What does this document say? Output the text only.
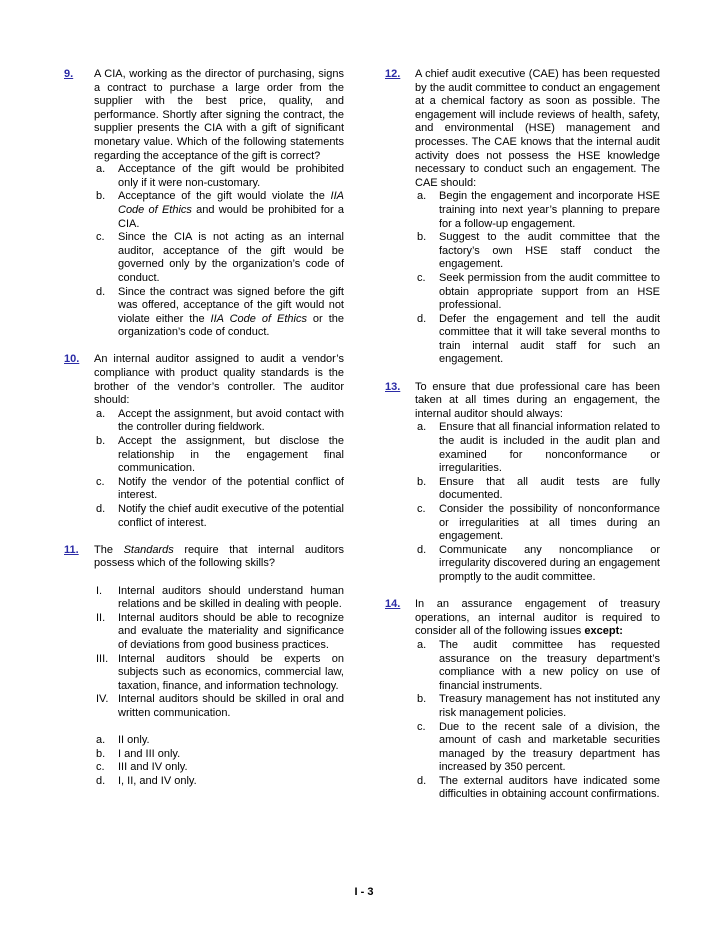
9. A CIA, working as the director of purchasing, signs a contract to purchase a large order from the supplier with the best price, quality, and performance. Shortly after signing the contract, the supplier presents the CIA with a gift of significant monetary value. Which of the following statements regarding the acceptance of the gift is correct?
a. Acceptance of the gift would be prohibited only if it were non-customary.
b. Acceptance of the gift would violate the IIA Code of Ethics and would be prohibited for a CIA.
c. Since the CIA is not acting as an internal auditor, acceptance of the gift would be governed only by the organization’s code of conduct.
d. Since the contract was signed before the gift was offered, acceptance of the gift would not violate either the IIA Code of Ethics or the organization’s code of conduct.
10. An internal auditor assigned to audit a vendor’s compliance with product quality standards is the brother of the vendor’s controller. The auditor should:
a. Accept the assignment, but avoid contact with the controller during fieldwork.
b. Accept the assignment, but disclose the relationship in the engagement final communication.
c. Notify the vendor of the potential conflict of interest.
d. Notify the chief audit executive of the potential conflict of interest.
11. The Standards require that internal auditors possess which of the following skills?
I. Internal auditors should understand human relations and be skilled in dealing with people.
II. Internal auditors should be able to recognize and evaluate the materiality and significance of deviations from good business practices.
III. Internal auditors should be experts on subjects such as economics, commercial law, taxation, finance, and information technology.
IV. Internal auditors should be skilled in oral and written communication.
a. II only.
b. I and III only.
c. III and IV only.
d. I, II, and IV only.
12. A chief audit executive (CAE) has been requested by the audit committee to conduct an engagement at a chemical factory as soon as possible. The engagement will include reviews of health, safety, and environmental (HSE) management and processes. The CAE knows that the internal audit activity does not possess the HSE knowledge necessary to conduct such an engagement. The CAE should:
a. Begin the engagement and incorporate HSE training into next year’s planning to prepare for a follow-up engagement.
b. Suggest to the audit committee that the factory’s own HSE staff conduct the engagement.
c. Seek permission from the audit committee to obtain appropriate support from an HSE professional.
d. Defer the engagement and tell the audit committee that it will take several months to train internal audit staff for such an engagement.
13. To ensure that due professional care has been taken at all times during an engagement, the internal auditor should always:
a. Ensure that all financial information related to the audit is included in the audit plan and examined for nonconformance or irregularities.
b. Ensure that all audit tests are fully documented.
c. Consider the possibility of nonconformance or irregularities at all times during an engagement.
d. Communicate any noncompliance or irregularity discovered during an engagement promptly to the audit committee.
14. In an assurance engagement of treasury operations, an internal auditor is required to consider all of the following issues except:
a. The audit committee has requested assurance on the treasury department’s compliance with a new policy on use of financial instruments.
b. Treasury management has not instituted any risk management policies.
c. Due to the recent sale of a division, the amount of cash and marketable securities managed by the treasury department has increased by 350 percent.
d. The external auditors have indicated some difficulties in obtaining account confirmations.
I - 3
